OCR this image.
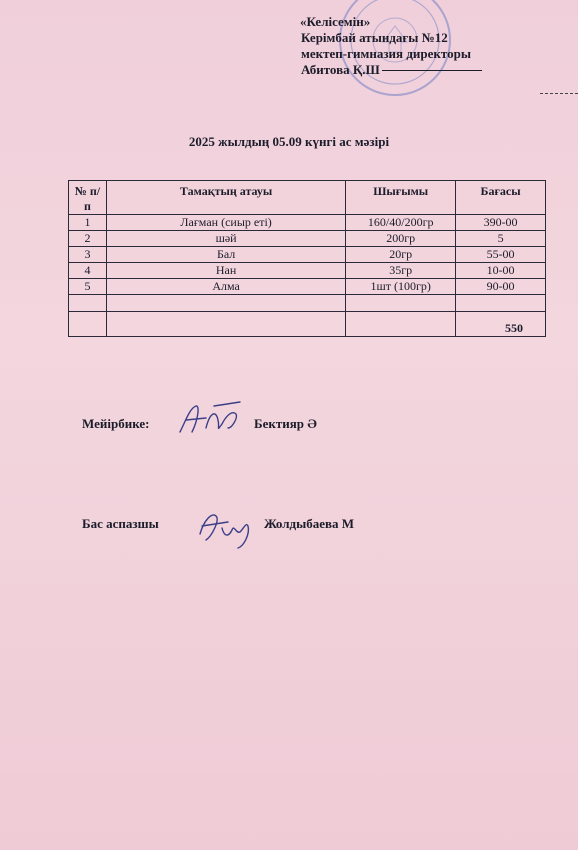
«Келісемін»
Керімбай атындағы №12
мектеп-гимназия директоры
Абитова Қ.Ш
2025 жылдың 05.09 күнгі ас мәзірі
№ п/п	Тамақтың атауы	Шығымы	Бағасы
1	Лағман (сиыр еті)	160/40/200гр	390-00
2	шәй	200гр	5
3	Бал	20гр	55-00
4	Нан	35гр	10-00
5	Алма	1шт (100гр)	90-00

			550
Мейірбике:	Бектияр Ә
Бас аспазшы	Жолдыбаева М
